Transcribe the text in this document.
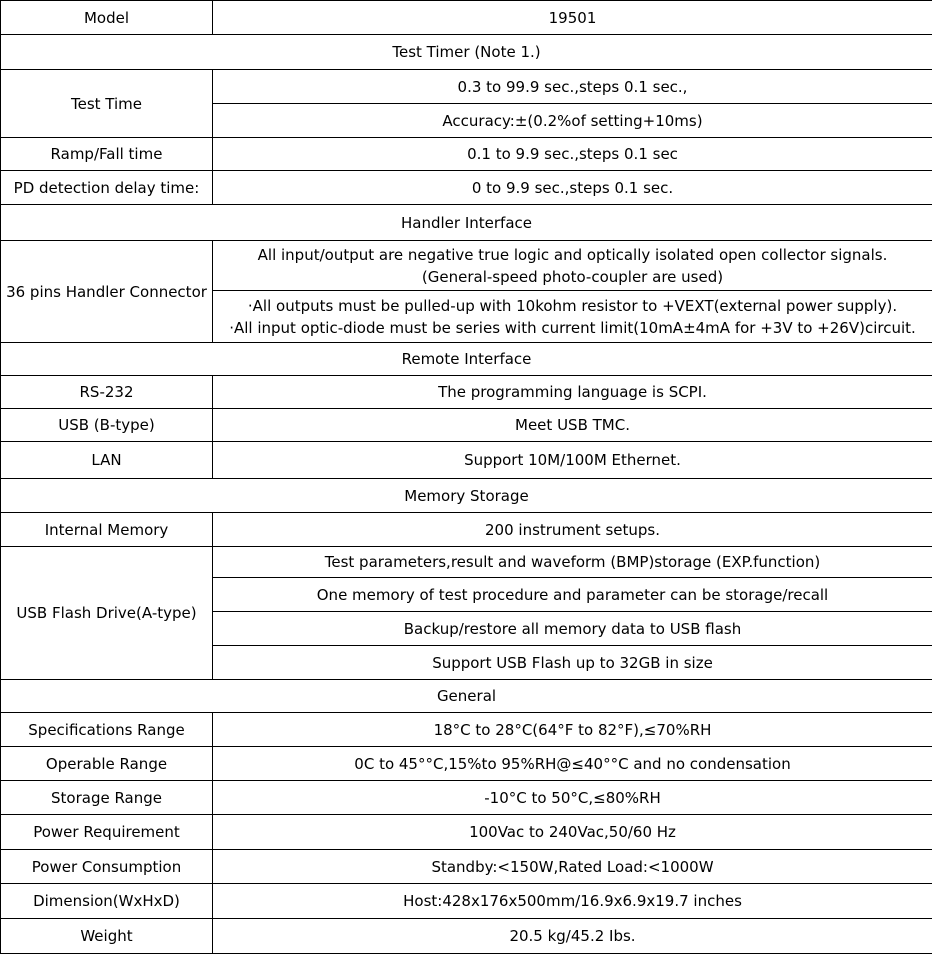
Model	19501
Test Timer (Note 1.)	
Test Time	0.3 to 99.9 sec.,steps 0.1 sec.,
	Accuracy:±(0.2%of setting+10ms)
Ramp/Fall time	0.1 to 9.9 sec.,steps 0.1 sec
PD detection delay time:	0 to 9.9 sec.,steps 0.1 sec.
Handler Interface	
36 pins Handler Connector	All input/output are negative true logic and optically isolated open collector signals.
(General-speed photo-coupler are used)

	·All outputs must be pulled-up with 10kohm resistor to +VEXT(external power supply).
·All input optic-diode must be series with current limit(10mA±4mA for +3V to +26V)circuit.

Remote Interface	
RS-232	The programming language is SCPI.
USB (B-type)	Meet USB TMC.
LAN	Support 10M/100M Ethernet.
Memory Storage	
Internal Memory	200 instrument setups.
USB Flash Drive(A-type)	Test parameters,result and waveform (BMP)storage (EXP.function)
	One memory of test procedure and parameter can be storage/recall
	Backup/restore all memory data to USB flash
	Support USB Flash up to 32GB in size
General	
Specifications Range	18°C to 28°C(64°F to 82°F),≤70%RH
Operable Range	0C to 45°°C,15%to 95%RH@≤40°°C and no condensation
Storage Range	-10°C to 50°C,≤80%RH
Power Requirement	100Vac to 240Vac,50/60 Hz
Power Consumption	Standby:<150W,Rated Load:<1000W
Dimension(WxHxD)	Host:428x176x500mm/16.9x6.9x19.7 inches
Weight	20.5 kg/45.2 Ibs.
